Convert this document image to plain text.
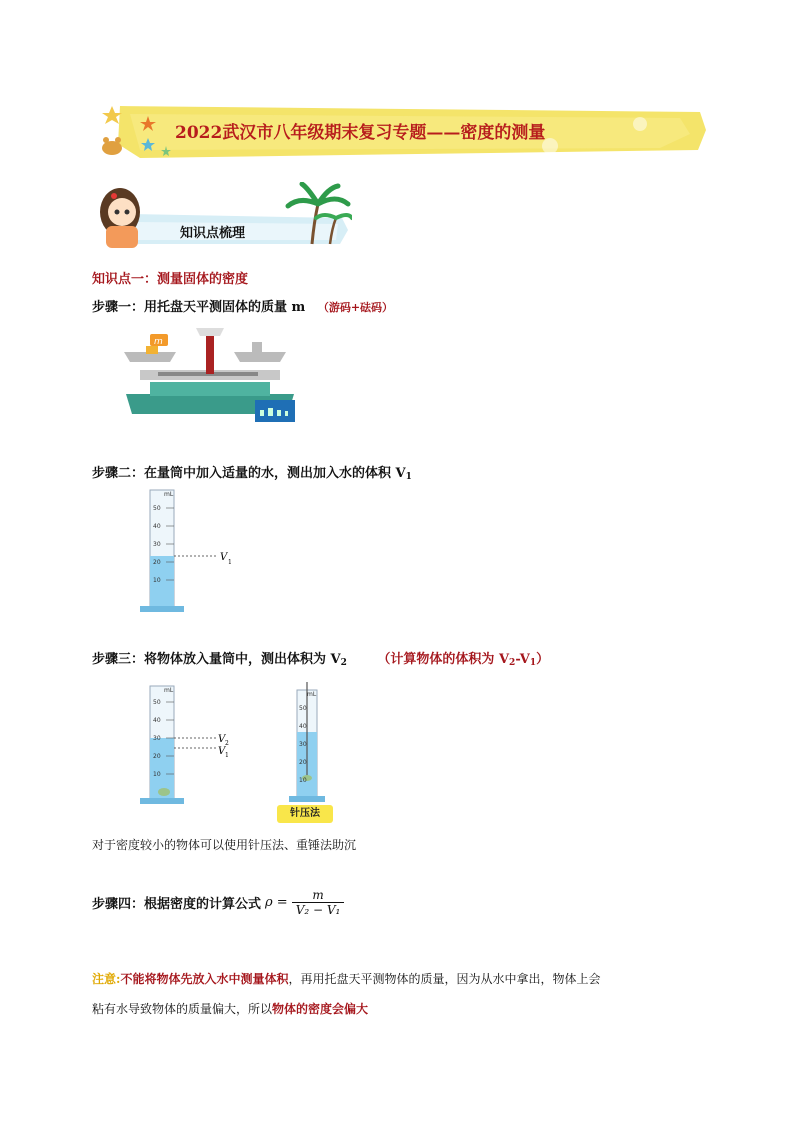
2022武汉市八年级期末复习专题——密度的测量
知识点梳理
知识点一：测量固体的密度
步骤一：用托盘天平测固体的质量 m （游码+砝码）
m
步骤二：在量筒中加入适量的水，测出加入水的体积 $V_1$
mL
50
40
30
20
10
V 1
步骤三：将物体放入量筒中，测出体积为 $V_2$ （计算物体的体积为 $V_2-V_1$）
mL
50
40
30
20
10
V 2
V 1
mL
50
40
30
20
10
针压法
对于密度较小的物体可以使用针压法、重锤法助沉
步骤四：根据密度的计算公式 $\rho = \frac{m}{\text{V₂ − V₁}}$
注意:不能将物体先放入水中测量体积，再用托盘天平测物体的质量，因为从水中拿出，物体上会
粘有水导致物体的质量偏大，所以物体的密度会偏大
